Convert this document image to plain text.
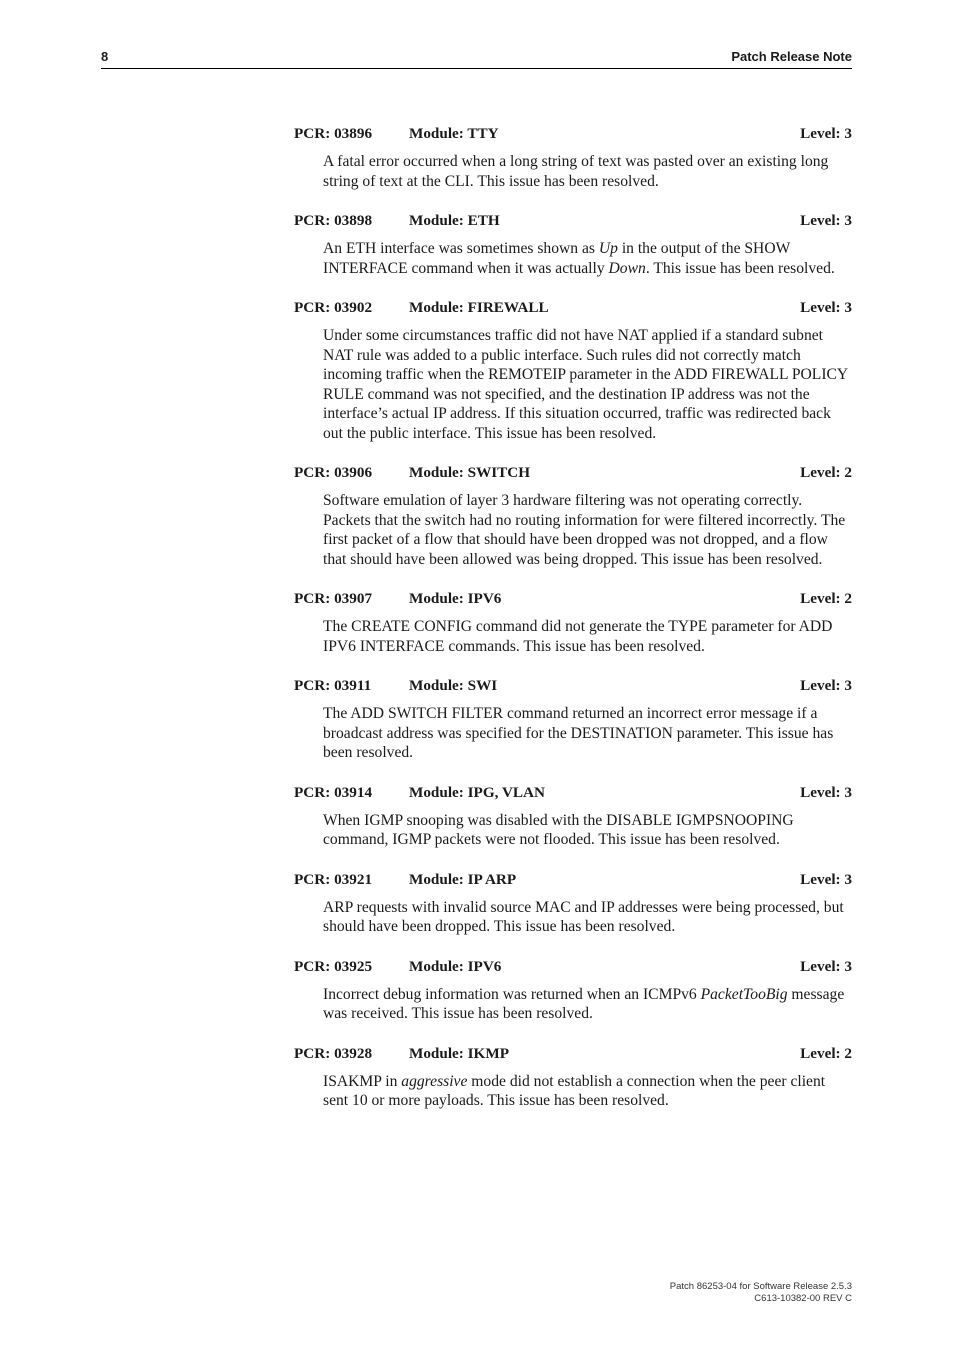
8	Patch Release Note
PCR: 03896 Module: TTY	Level: 3

A fatal error occurred when a long string of text was pasted over an existing long string of text at the CLI. This issue has been resolved.

PCR: 03898 Module: ETH	Level: 3

An ETH interface was sometimes shown as Up in the output of the SHOW INTERFACE command when it was actually Down. This issue has been resolved.

PCR: 03902 Module: FIREWALL	Level: 3

Under some circumstances traffic did not have NAT applied if a standard subnet NAT rule was added to a public interface. Such rules did not correctly match incoming traffic when the REMOTEIP parameter in the ADD FIREWALL POLICY RULE command was not specified, and the destination IP address was not the interface’s actual IP address. If this situation occurred, traffic was redirected back out the public interface. This issue has been resolved.

PCR: 03906 Module: SWITCH	Level: 2

Software emulation of layer 3 hardware filtering was not operating correctly. Packets that the switch had no routing information for were filtered incorrectly. The first packet of a flow that should have been dropped was not dropped, and a flow that should have been allowed was being dropped. This issue has been resolved.

PCR: 03907 Module: IPV6	Level: 2

The CREATE CONFIG command did not generate the TYPE parameter for ADD IPV6 INTERFACE commands. This issue has been resolved.

PCR: 03911 Module: SWI	Level: 3

The ADD SWITCH FILTER command returned an incorrect error message if a broadcast address was specified for the DESTINATION parameter. This issue has been resolved.

PCR: 03914 Module: IPG, VLAN	Level: 3

When IGMP snooping was disabled with the DISABLE IGMPSNOOPING command, IGMP packets were not flooded. This issue has been resolved.

PCR: 03921 Module: IP ARP	Level: 3

ARP requests with invalid source MAC and IP addresses were being processed, but should have been dropped. This issue has been resolved.

PCR: 03925 Module: IPV6	Level: 3

Incorrect debug information was returned when an ICMPv6 PacketTooBig message was received. This issue has been resolved.

PCR: 03928 Module: IKMP	Level: 2

ISAKMP in aggressive mode did not establish a connection when the peer client sent 10 or more payloads. This issue has been resolved.

Patch 86253-04 for Software Release 2.5.3
C613-10382-00 REV C
